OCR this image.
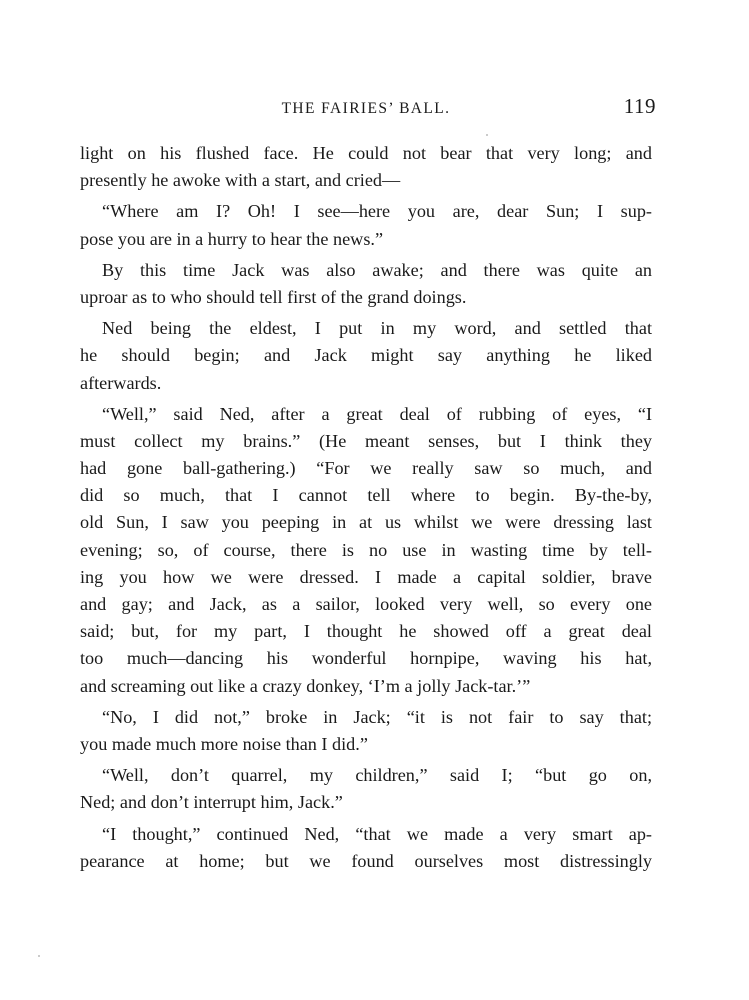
THE FAIRIES’ BALL.	119
light on his flushed face. He could not bear that very long; and
presently he awoke with a start, and cried—
“Where am I? Oh! I see—here you are, dear Sun; I sup-
pose you are in a hurry to hear the news.”
By this time Jack was also awake; and there was quite an
uproar as to who should tell first of the grand doings.
Ned being the eldest, I put in my word, and settled that
he should begin; and Jack might say anything he liked
afterwards.
“Well,” said Ned, after a great deal of rubbing of eyes, “I
must collect my brains.” (He meant senses, but I think they
had gone ball-gathering.) “For we really saw so much, and
did so much, that I cannot tell where to begin. By-the-by,
old Sun, I saw you peeping in at us whilst we were dressing last
evening; so, of course, there is no use in wasting time by tell-
ing you how we were dressed. I made a capital soldier, brave
and gay; and Jack, as a sailor, looked very well, so every one
said; but, for my part, I thought he showed off a great deal
too much—dancing his wonderful hornpipe, waving his hat,
and screaming out like a crazy donkey, ‘I’m a jolly Jack-tar.’”
“No, I did not,” broke in Jack; “it is not fair to say that;
you made much more noise than I did.”
“Well, don’t quarrel, my children,” said I; “but go on,
Ned; and don’t interrupt him, Jack.”
“I thought,” continued Ned, “that we made a very smart ap-
pearance at home; but we found ourselves most distressingly
